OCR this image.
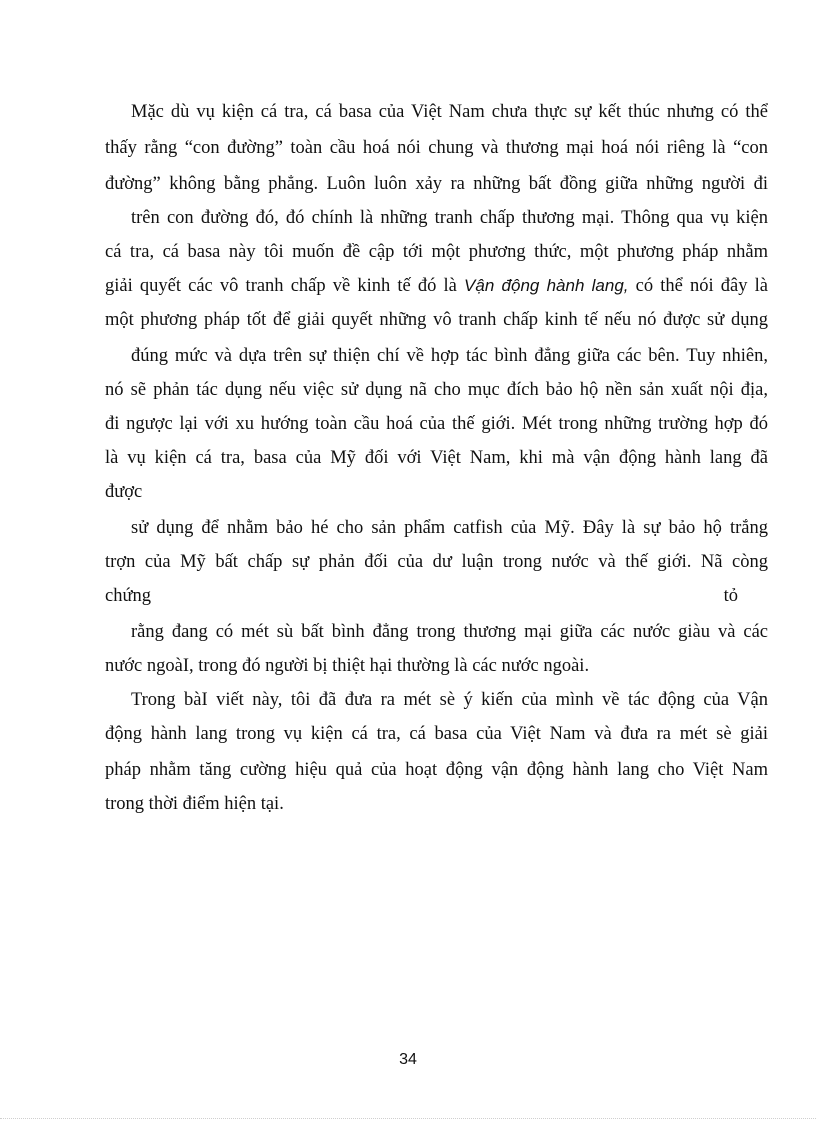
Mặc dù vụ kiện cá tra, cá basa của Việt Nam chưa thực sự kết thúc nhưng có thể

thấy rằng “con đường” toàn cầu hoá nói chung và thương mại hoá nói riêng là “con

đường” không bằng phẳng. Luôn luôn xảy ra những bất đồng giữa những người đi

trên con đường đó, đó chính là những tranh chấp thương mại. Thông qua vụ kiện

cá tra, cá basa này tôi muốn đề cập tới một phương thức, một phương pháp nhằm

giải quyết các vô tranh chấp về kinh tế đó là Vận động hành lang, có thể nói đây là

một phương pháp tốt để giải quyết những vô tranh chấp kinh tế nếu nó được sử dụng

đúng mức và dựa trên sự thiện chí về hợp tác bình đẳng giữa các bên. Tuy nhiên,

nó sẽ phản tác dụng nếu việc sử dụng nã cho mục đích bảo hộ nền sản xuất nội địa,

đi ngược lại với xu hướng toàn cầu hoá của thế giới. Mét trong những trường hợp đó

là vụ kiện cá tra, basa của Mỹ đối với Việt Nam, khi mà vận động hành lang đã

được

sử dụng để nhằm bảo hé cho sản phẩm catfish của Mỹ. Đây là sự bảo hộ trắng

trợn của Mỹ bất chấp sự phản đối của dư luận trong nước và thế giới. Nã còng

chứng tỏ

rằng đang có mét sù bất bình đẳng trong thương mại giữa các nước giàu và các

nước ngoàI, trong đó người bị thiệt hại thường là các nước ngoài.

Trong bàI viết này, tôi đã đưa ra mét sè ý kiến của mình về tác động của Vận

động hành lang trong vụ kiện cá tra, cá basa của Việt Nam và đưa ra mét sè giải

pháp nhằm tăng cường hiệu quả của hoạt động vận động hành lang cho Việt Nam

trong thời điểm hiện tại.

34
